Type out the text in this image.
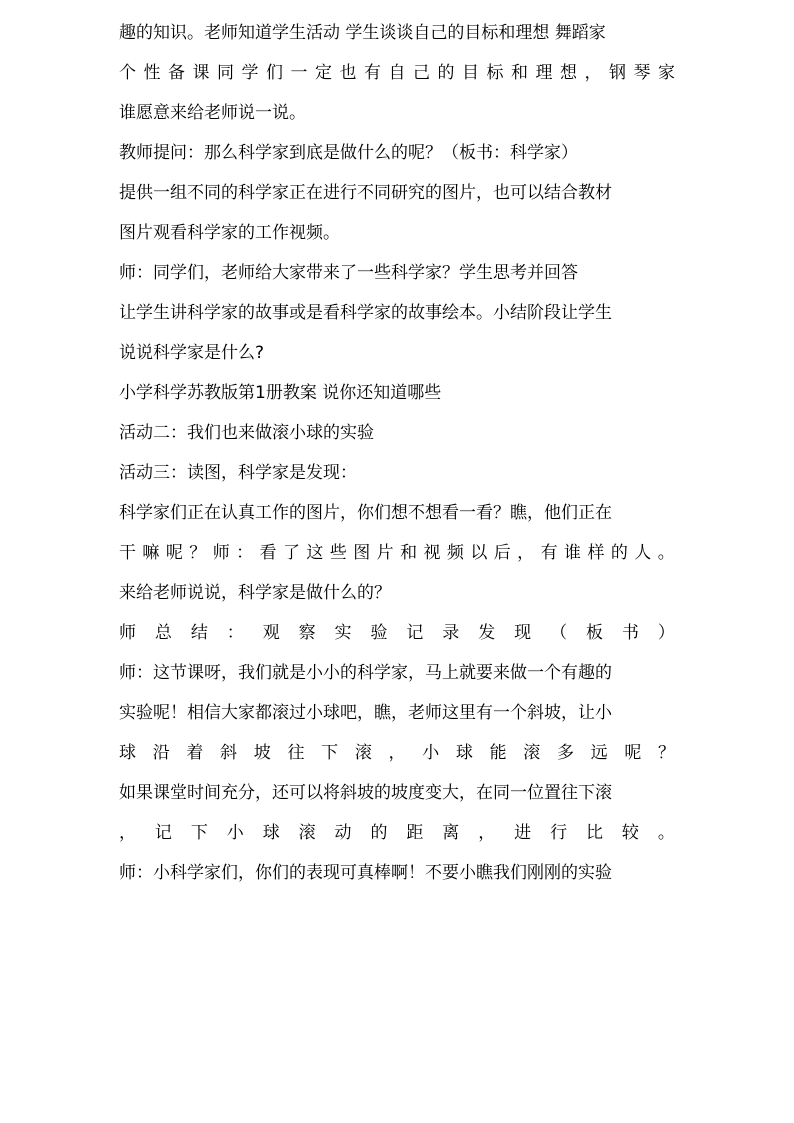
趣的知识。老师知道学生活动 学生谈谈自己的目标和理想 舞蹈家
个 性 备 课 同 学 们 一 定 也 有 自 己 的 目 标 和 理 想 ， 钢 琴 家
谁愿意来给老师说一说。
教师提问：那么科学家到底是做什么的呢？（板书：科学家）
提供一组不同的科学家正在进行不同研究的图片，也可以结合教材
图片观看科学家的工作视频。
师：同学们，老师给大家带来了一些科学家？学生思考并回答
让学生讲科学家的故事或是看科学家的故事绘本。小结阶段让学生
说说科学家是什么?
小学科学苏教版第1册教案 说你还知道哪些
活动二：我们也来做滚小球的实验
活动三：读图，科学家是发现：
科学家们正在认真工作的图片，你们想不想看一看？瞧，他们正在
干 嘛 呢 ？ 师 ： 看 了 这 些 图 片 和 视 频 以 后 ， 有 谁 样 的 人 。
来给老师说说，科学家是做什么的？
师 总 结 ： 观 察 实 验 记 录 发 现 （ 板 书 ）
师：这节课呀，我们就是小小的科学家，马上就要来做一个有趣的
实验呢！相信大家都滚过小球吧，瞧，老师这里有一个斜坡，让小
球 沿 着 斜 坡 往 下 滚 ， 小 球 能 滚 多 远 呢 ？
如果课堂时间充分，还可以将斜坡的坡度变大，在同一位置往下滚
， 记 下 小 球 滚 动 的 距 离 ， 进 行 比 较 。
师：小科学家们，你们的表现可真棒啊！不要小瞧我们刚刚的实验
